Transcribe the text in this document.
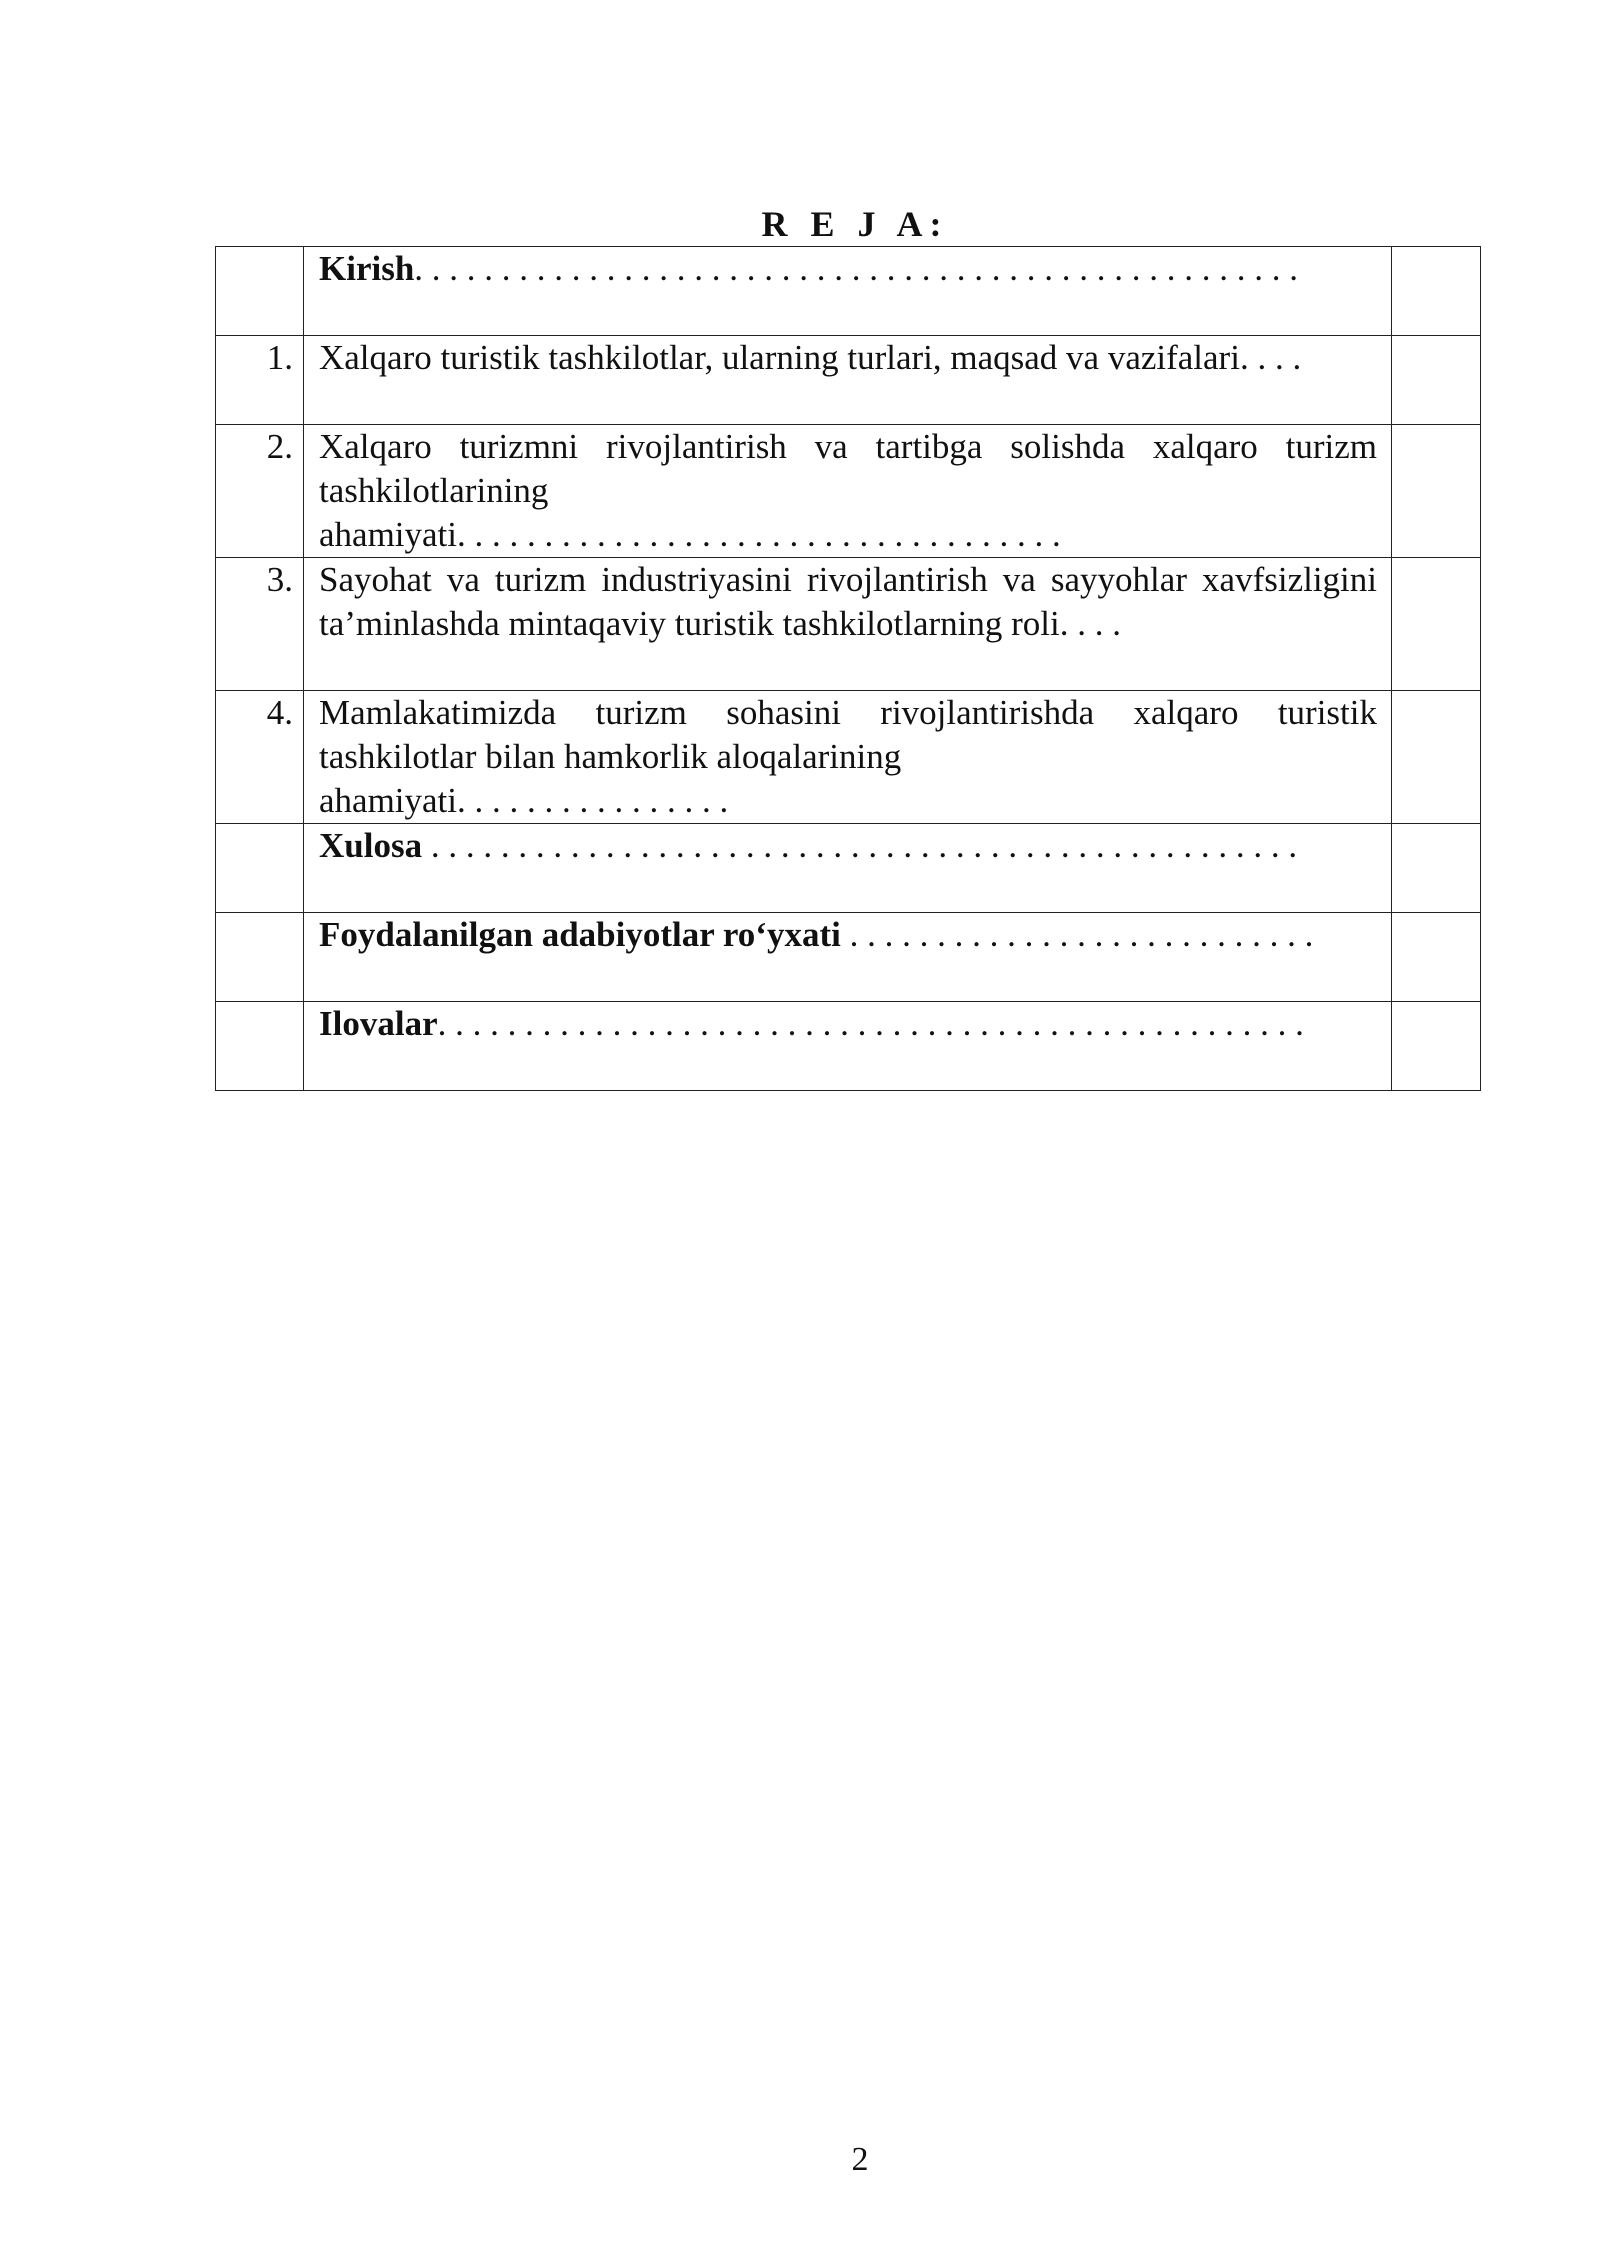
R E J A:
	Kirish. . . . . . . . . . . . . . . . . . . . . . . . . . . . . . . . . . . . . . . . . . . . . . . . . . .	
1.	Xalqaro turistik tashkilotlar, ularning turlari, maqsad va vazifalari. . . .	
2.	Xalqaro turizmni rivojlantirish va tartibga solishda xalqaro turizm tashkilotlarining
ahamiyati. . . . . . . . . . . . . . . . . . . . . . . . . . . . . . . . . . .	

3.	Sayohat va turizm industriyasini rivojlantirish va sayyohlar xavfsizligini ta’minlashda mintaqaviy turistik tashkilotlarning roli. . . .	
4.	Mamlakatimizda turizm sohasini rivojlantirishda xalqaro turistik tashkilotlar bilan hamkorlik aloqalarining
ahamiyati. . . . . . . . . . . . . . . .	

	Xulosa . . . . . . . . . . . . . . . . . . . . . . . . . . . . . . . . . . . . . . . . . . . . . . . . . .	
	Foydalanilgan adabiyotlar ro‘yxati . . . . . . . . . . . . . . . . . . . . . . . . . . .	
	Ilovalar. . . . . . . . . . . . . . . . . . . . . . . . . . . . . . . . . . . . . . . . . . . . . . . . . .	
2
